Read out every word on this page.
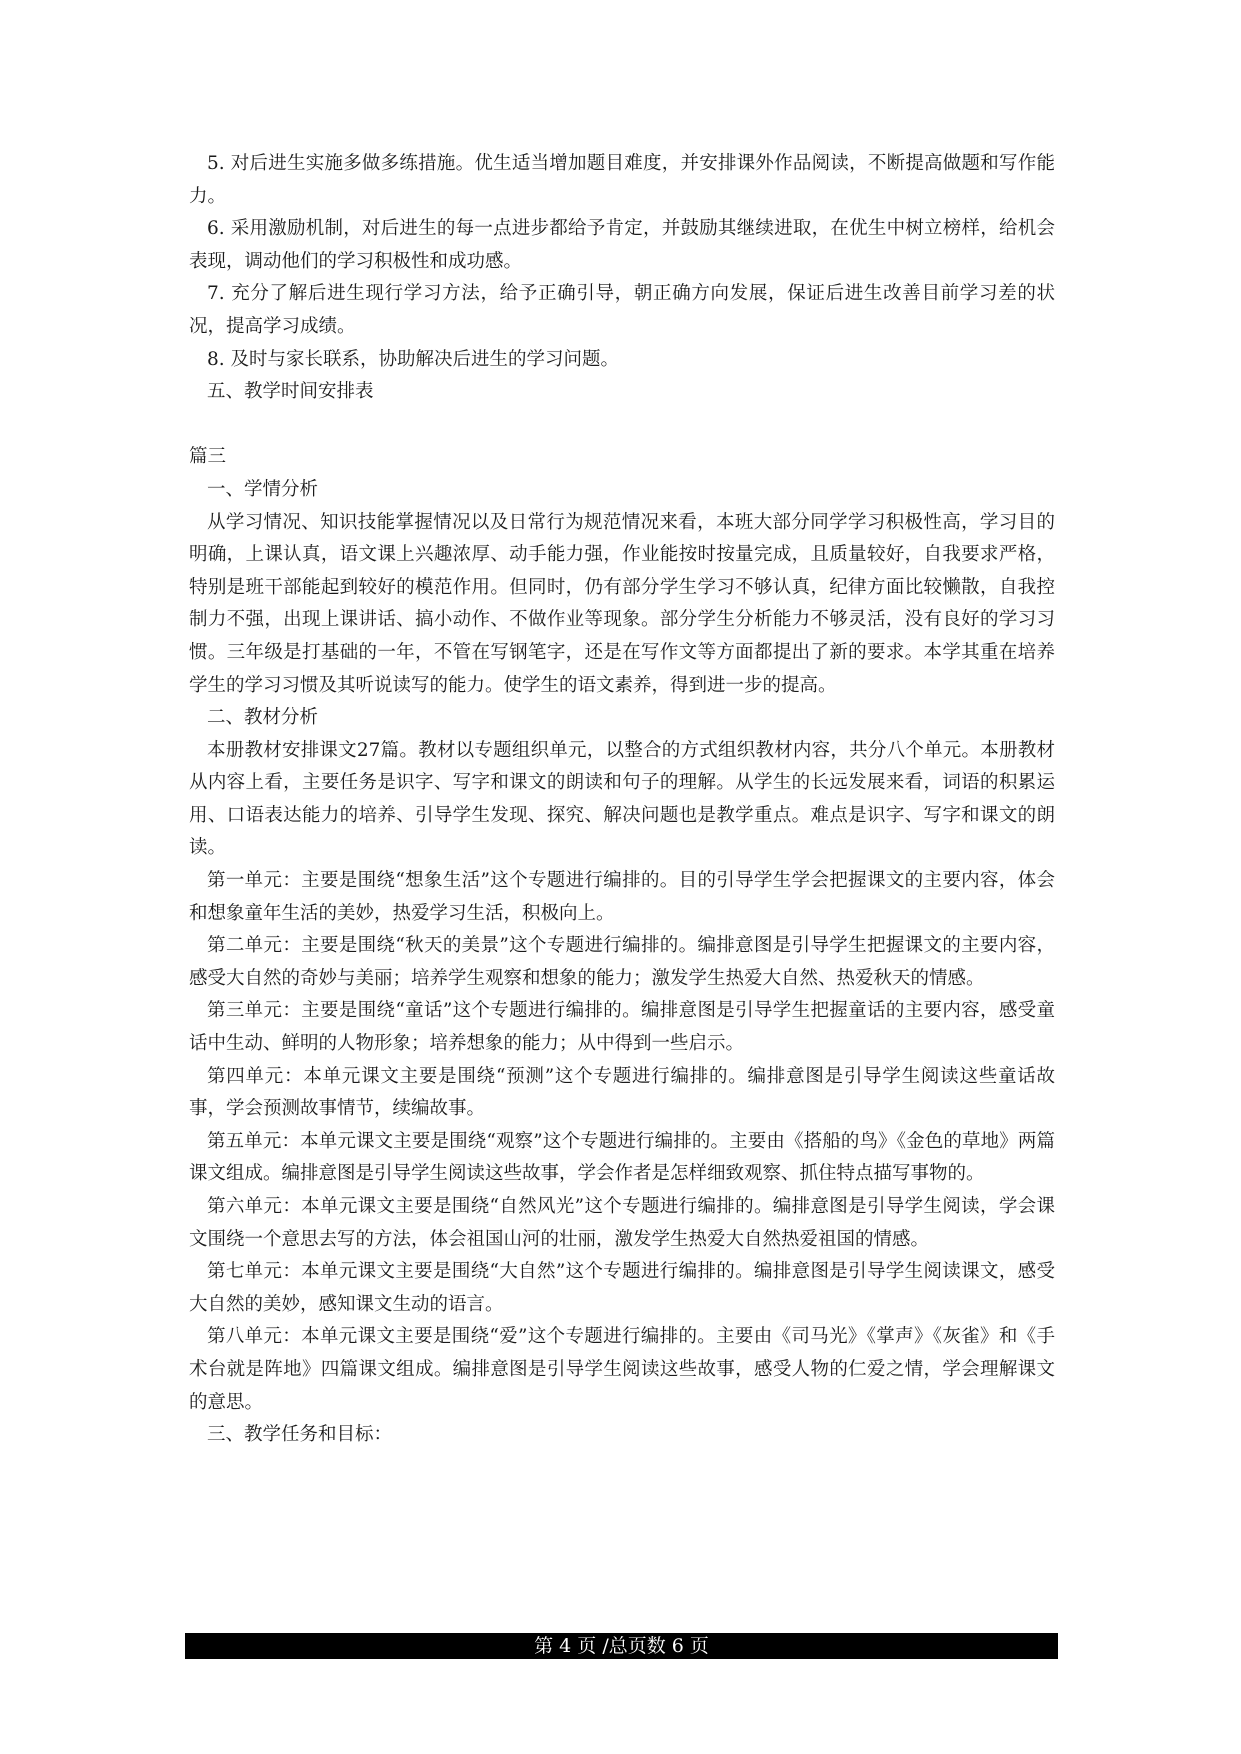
5. 对后进生实施多做多练措施。优生适当增加题目难度，并安排课外作品阅读，不断提高做题和写作能力。

6. 采用激励机制，对后进生的每一点进步都给予肯定，并鼓励其继续进取，在优生中树立榜样，给机会表现，调动他们的学习积极性和成功感。

7. 充分了解后进生现行学习方法，给予正确引导，朝正确方向发展，保证后进生改善目前学习差的状况，提高学习成绩。

8. 及时与家长联系，协助解决后进生的学习问题。

五、教学时间安排表

篇三

一、学情分析

从学习情况、知识技能掌握情况以及日常行为规范情况来看，本班大部分同学学习积极性高，学习目的明确，上课认真，语文课上兴趣浓厚、动手能力强，作业能按时按量完成，且质量较好，自我要求严格，特别是班干部能起到较好的模范作用。但同时，仍有部分学生学习不够认真，纪律方面比较懒散，自我控制力不强，出现上课讲话、搞小动作、不做作业等现象。部分学生分析能力不够灵活，没有良好的学习习惯。三年级是打基础的一年，不管在写钢笔字，还是在写作文等方面都提出了新的要求。本学其重在培养学生的学习习惯及其听说读写的能力。使学生的语文素养，得到进一步的提高。

二、教材分析

本册教材安排课文27篇。教材以专题组织单元，以整合的方式组织教材内容，共分八个单元。本册教材从内容上看，主要任务是识字、写字和课文的朗读和句子的理解。从学生的长远发展来看，词语的积累运用、口语表达能力的培养、引导学生发现、探究、解决问题也是教学重点。难点是识字、写字和课文的朗读。

第一单元：主要是围绕“想象生活”这个专题进行编排的。目的引导学生学会把握课文的主要内容，体会和想象童年生活的美妙，热爱学习生活，积极向上。

第二单元：主要是围绕“秋天的美景”这个专题进行编排的。编排意图是引导学生把握课文的主要内容，感受大自然的奇妙与美丽；培养学生观察和想象的能力；激发学生热爱大自然、热爱秋天的情感。

第三单元：主要是围绕“童话”这个专题进行编排的。编排意图是引导学生把握童话的主要内容，感受童话中生动、鲜明的人物形象；培养想象的能力；从中得到一些启示。

第四单元：本单元课文主要是围绕“预测”这个专题进行编排的。编排意图是引导学生阅读这些童话故事，学会预测故事情节，续编故事。

第五单元：本单元课文主要是围绕“观察”这个专题进行编排的。主要由《搭船的鸟》《金色的草地》两篇课文组成。编排意图是引导学生阅读这些故事，学会作者是怎样细致观察、抓住特点描写事物的。

第六单元：本单元课文主要是围绕“自然风光”这个专题进行编排的。编排意图是引导学生阅读，学会课文围绕一个意思去写的方法，体会祖国山河的壮丽，激发学生热爱大自然热爱祖国的情感。

第七单元：本单元课文主要是围绕“大自然”这个专题进行编排的。编排意图是引导学生阅读课文，感受大自然的美妙，感知课文生动的语言。

第八单元：本单元课文主要是围绕“爱”这个专题进行编排的。主要由《司马光》《掌声》《灰雀》和《手术台就是阵地》四篇课文组成。编排意图是引导学生阅读这些故事，感受人物的仁爱之情，学会理解课文的意思。

三、教学任务和目标：

第 4 页 /总页数 6 页
